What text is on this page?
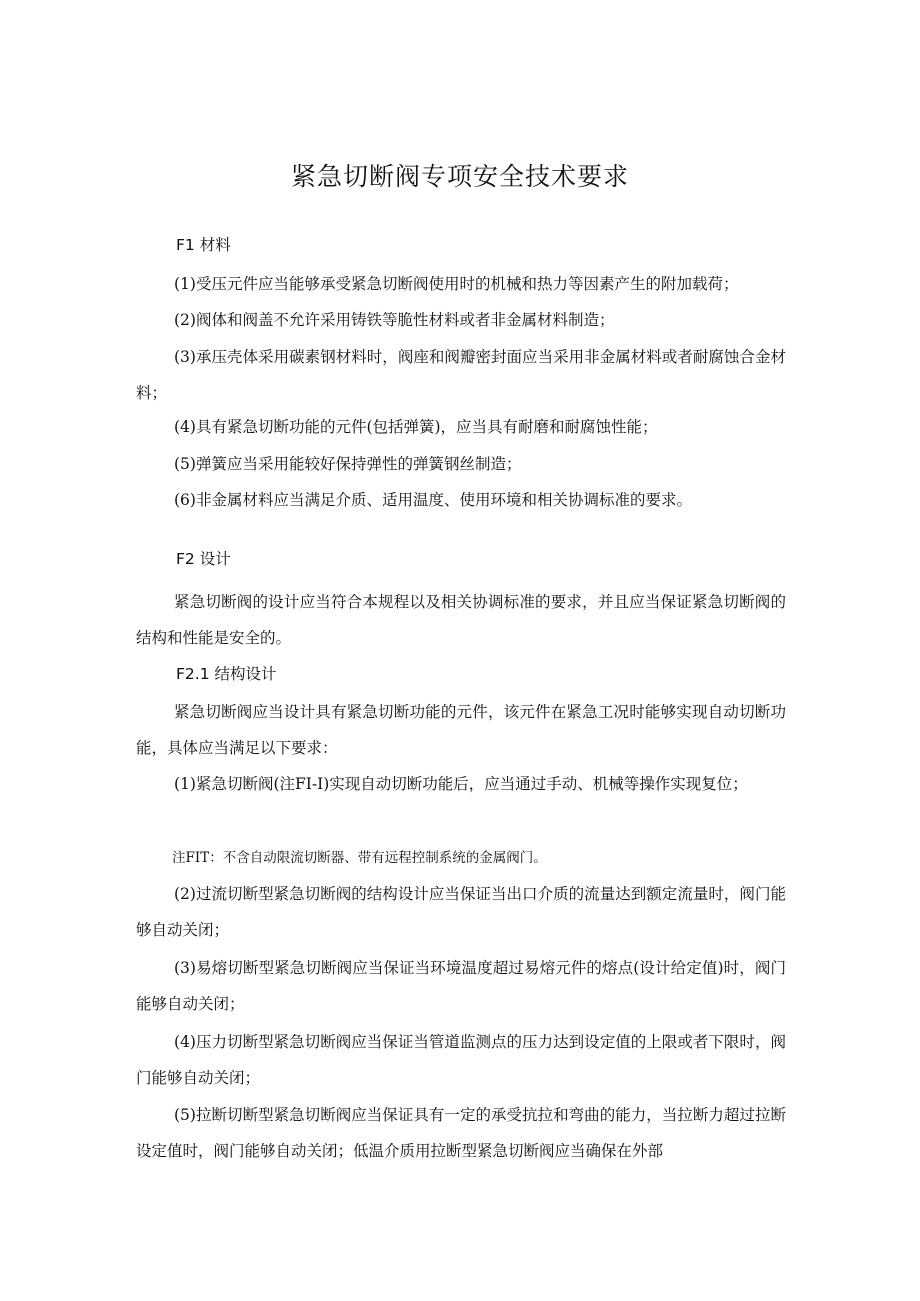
紧急切断阀专项安全技术要求
F1 材料
(1)受压元件应当能够承受紧急切断阀使用时的机械和热力等因素产生的附加载荷；
(2)阀体和阀盖不允许采用铸铁等脆性材料或者非金属材料制造；

(3)承压壳体采用碳素钢材料时，阀座和阀瓣密封面应当采用非金属材料或者耐腐蚀合金材料；

(4)具有紧急切断功能的元件(包括弹簧)，应当具有耐磨和耐腐蚀性能；
(5)弹簧应当采用能较好保持弹性的弹簧钢丝制造；
(6)非金属材料应当满足介质、适用温度、使用环境和相关协调标准的要求。
F2 设计

紧急切断阀的设计应当符合本规程以及相关协调标准的要求，并且应当保证紧急切断阀的结构和性能是安全的。

F2.1 结构设计

紧急切断阀应当设计具有紧急切断功能的元件，该元件在紧急工况时能够实现自动切断功能，具体应当满足以下要求：

(1)紧急切断阀(注FI-I)实现自动切断功能后，应当通过手动、机械等操作实现复位；

注FIT：不含自动限流切断器、带有远程控制系统的金属阀门。

(2)过流切断型紧急切断阀的结构设计应当保证当出口介质的流量达到额定流量时，阀门能够自动关闭；

(3)易熔切断型紧急切断阀应当保证当环境温度超过易熔元件的熔点(设计给定值)时，阀门能够自动关闭；

(4)压力切断型紧急切断阀应当保证当管道监测点的压力达到设定值的上限或者下限时，阀门能够自动关闭；

(5)拉断切断型紧急切断阀应当保证具有一定的承受抗拉和弯曲的能力，当拉断力超过拉断设定值时，阀门能够自动关闭；低温介质用拉断型紧急切断阀应当确保在外部
